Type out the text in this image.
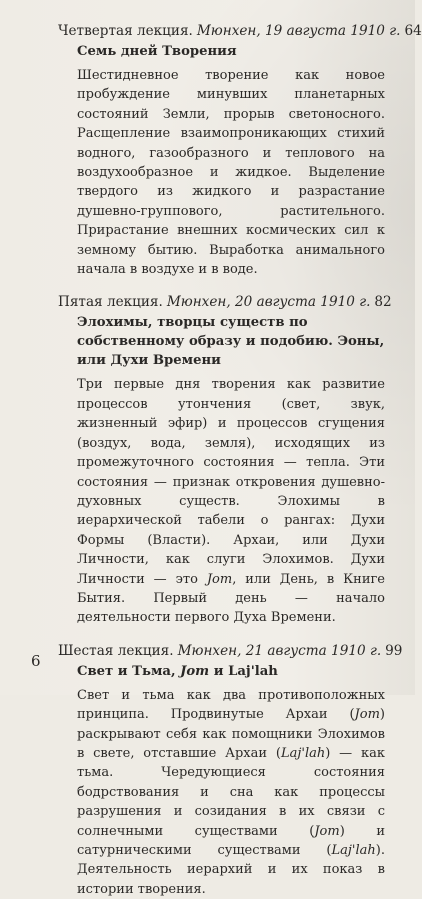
Четвертая лекция. Мюнхен, 19 августа 1910 г. 64
Семь дней Творения
Шестидневное творение как новое пробуждение минувших планетарных состояний Земли, прорыв светоносного. Расщепление взаимопроникающих стихий водного, газообразного и теплового на воздухообразное и жидкое. Выделение твердого из жидкого и разрастание душевно-группового, растительного. Прирастание внешних космических сил к земному бытию. Выработка анимального начала в воздухе и в воде.
Пятая лекция. Мюнхен, 20 августа 1910 г. 82
Элохимы, творцы существ по собственному образу и подобию. Эоны, или Духи Времени
Три первые дня творения как развитие процессов утончения (свет, звук, жизненный эфир) и процессов сгущения (воздух, вода, земля), исходящих из промежуточного состояния — тепла. Эти состояния — признак откровения душевно-духовных существ. Элохимы в иерархической табели о рангах: Духи Формы (Власти). Архаи, или Духи Личности, как слуги Элохимов. Духи Личности — это Jom, или День, в Книге Бытия. Первый день — начало деятельности первого Духа Времени.
Шестая лекция. Мюнхен, 21 августа 1910 г. 99
Свет и Тьма, Jom и Laj'lah
Свет и тьма как два противоположных принципа. Продвинутые Архаи (Jom) раскрывают себя как помощники Элохимов в свете, отставшие Архаи (Laj'lah) — как тьма. Чередующиеся состояния бодрствования и сна как процессы разрушения и созидания в их связи с солнечными существами (Jom) и сатурническими существами (Laj'lah). Деятельность иерархий и их показ в истории творения.
6
